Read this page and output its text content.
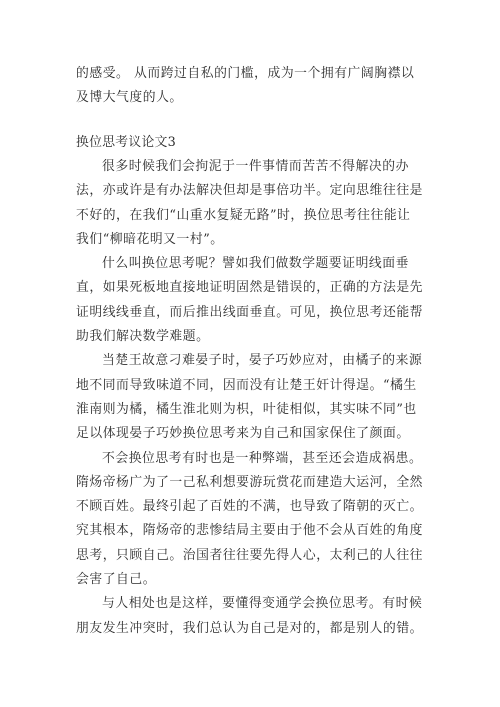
的感受。 从而跨过自私的门槛，成为一个拥有广阔胸襟以
及博大气度的人。
换位思考议论文3
很多时候我们会拘泥于一件事情而苦苦不得解决的办
法，亦或许是有办法解决但却是事倍功半。定向思维往往是
不好的，在我们“山重水复疑无路”时，换位思考往往能让
我们“柳暗花明又一村”。
什么叫换位思考呢？譬如我们做数学题要证明线面垂
直，如果死板地直接地证明固然是错误的，正确的方法是先
证明线线垂直，而后推出线面垂直。可见，换位思考还能帮
助我们解决数学难题。
当楚王故意刁难晏子时，晏子巧妙应对，由橘子的来源
地不同而导致味道不同，因而没有让楚王奸计得逞。“橘生
淮南则为橘，橘生淮北则为枳，叶徒相似，其实味不同”也
足以体现晏子巧妙换位思考来为自己和国家保住了颜面。
不会换位思考有时也是一种弊端，甚至还会造成祸患。
隋炀帝杨广为了一己私利想要游玩赏花而建造大运河，全然
不顾百姓。最终引起了百姓的不满，也导致了隋朝的灭亡。
究其根本，隋炀帝的悲惨结局主要由于他不会从百姓的角度
思考，只顾自己。治国者往往要先得人心，太利己的人往往
会害了自己。
与人相处也是这样，要懂得变通学会换位思考。有时候
朋友发生冲突时，我们总认为自己是对的，都是别人的错。
